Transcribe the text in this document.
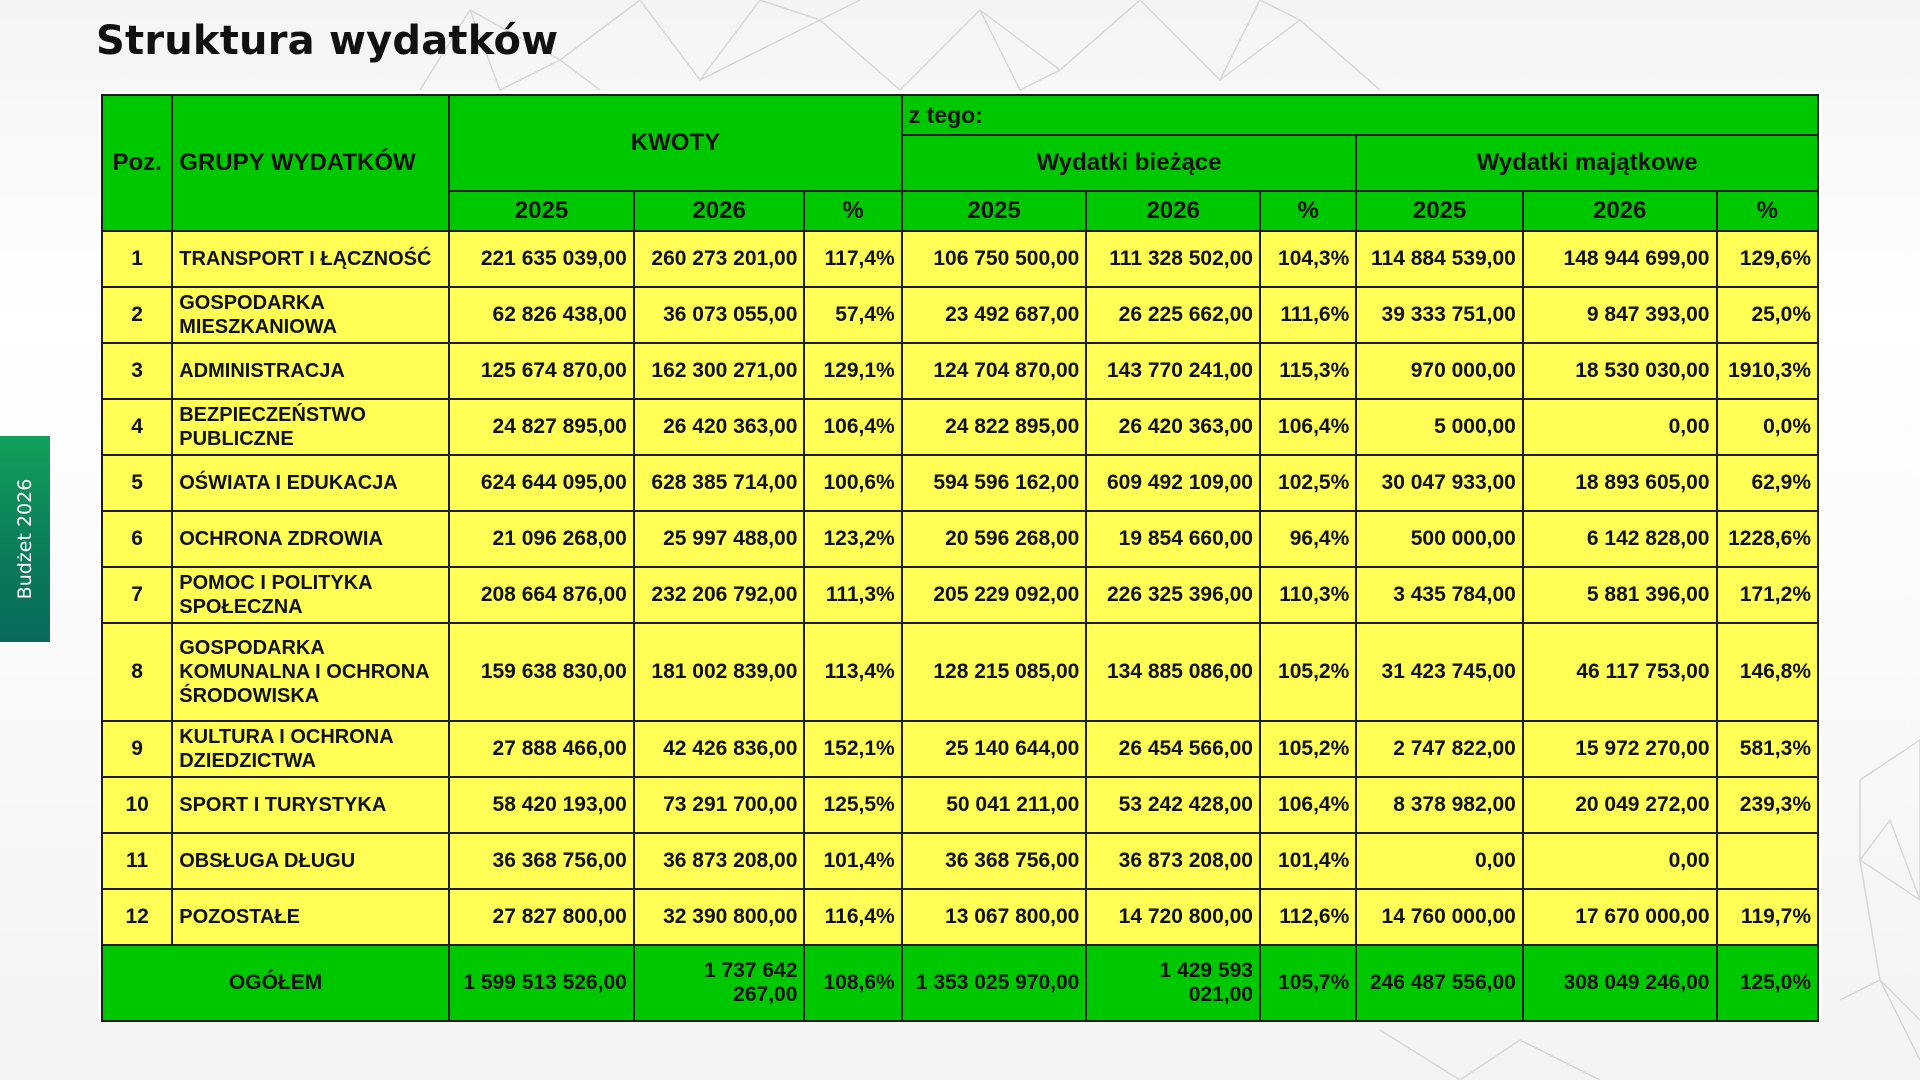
Struktura wydatków
Budżet 2026
Poz.	GRUPY WYDATKÓW	KWOTY			z tego:					
					Wydatki bieżące			Wydatki majątkowe		
		2025	2026	%	2025	2026	%	2025	2026	%
1	TRANSPORT I ŁĄCZNOŚĆ	221 635 039,00	260 273 201,00	117,4%	106 750 500,00	111 328 502,00	104,3%	114 884 539,00	148 944 699,00	129,6%
2	GOSPODARKA MIESZKANIOWA	62 826 438,00	36 073 055,00	57,4%	23 492 687,00	26 225 662,00	111,6%	39 333 751,00	9 847 393,00	25,0%
3	ADMINISTRACJA	125 674 870,00	162 300 271,00	129,1%	124 704 870,00	143 770 241,00	115,3%	970 000,00	18 530 030,00	1910,3%
4	BEZPIECZEŃSTWO PUBLICZNE	24 827 895,00	26 420 363,00	106,4%	24 822 895,00	26 420 363,00	106,4%	5 000,00	0,00	0,0%
5	OŚWIATA I EDUKACJA	624 644 095,00	628 385 714,00	100,6%	594 596 162,00	609 492 109,00	102,5%	30 047 933,00	18 893 605,00	62,9%
6	OCHRONA ZDROWIA	21 096 268,00	25 997 488,00	123,2%	20 596 268,00	19 854 660,00	96,4%	500 000,00	6 142 828,00	1228,6%
7	POMOC I POLITYKA SPOŁECZNA	208 664 876,00	232 206 792,00	111,3%	205 229 092,00	226 325 396,00	110,3%	3 435 784,00	5 881 396,00	171,2%
8	GOSPODARKA KOMUNALNA I OCHRONA ŚRODOWISKA	159 638 830,00	181 002 839,00	113,4%	128 215 085,00	134 885 086,00	105,2%	31 423 745,00	46 117 753,00	146,8%
9	KULTURA I OCHRONA DZIEDZICTWA	27 888 466,00	42 426 836,00	152,1%	25 140 644,00	26 454 566,00	105,2%	2 747 822,00	15 972 270,00	581,3%
10	SPORT I TURYSTYKA	58 420 193,00	73 291 700,00	125,5%	50 041 211,00	53 242 428,00	106,4%	8 378 982,00	20 049 272,00	239,3%
11	OBSŁUGA DŁUGU	36 368 756,00	36 873 208,00	101,4%	36 368 756,00	36 873 208,00	101,4%	0,00	0,00	
12	POZOSTAŁE	27 827 800,00	32 390 800,00	116,4%	13 067 800,00	14 720 800,00	112,6%	14 760 000,00	17 670 000,00	119,7%
OGÓŁEM		1 599 513 526,00	1 737 642 267,00	108,6%	1 353 025 970,00	1 429 593 021,00	105,7%	246 487 556,00	308 049 246,00	125,0%
